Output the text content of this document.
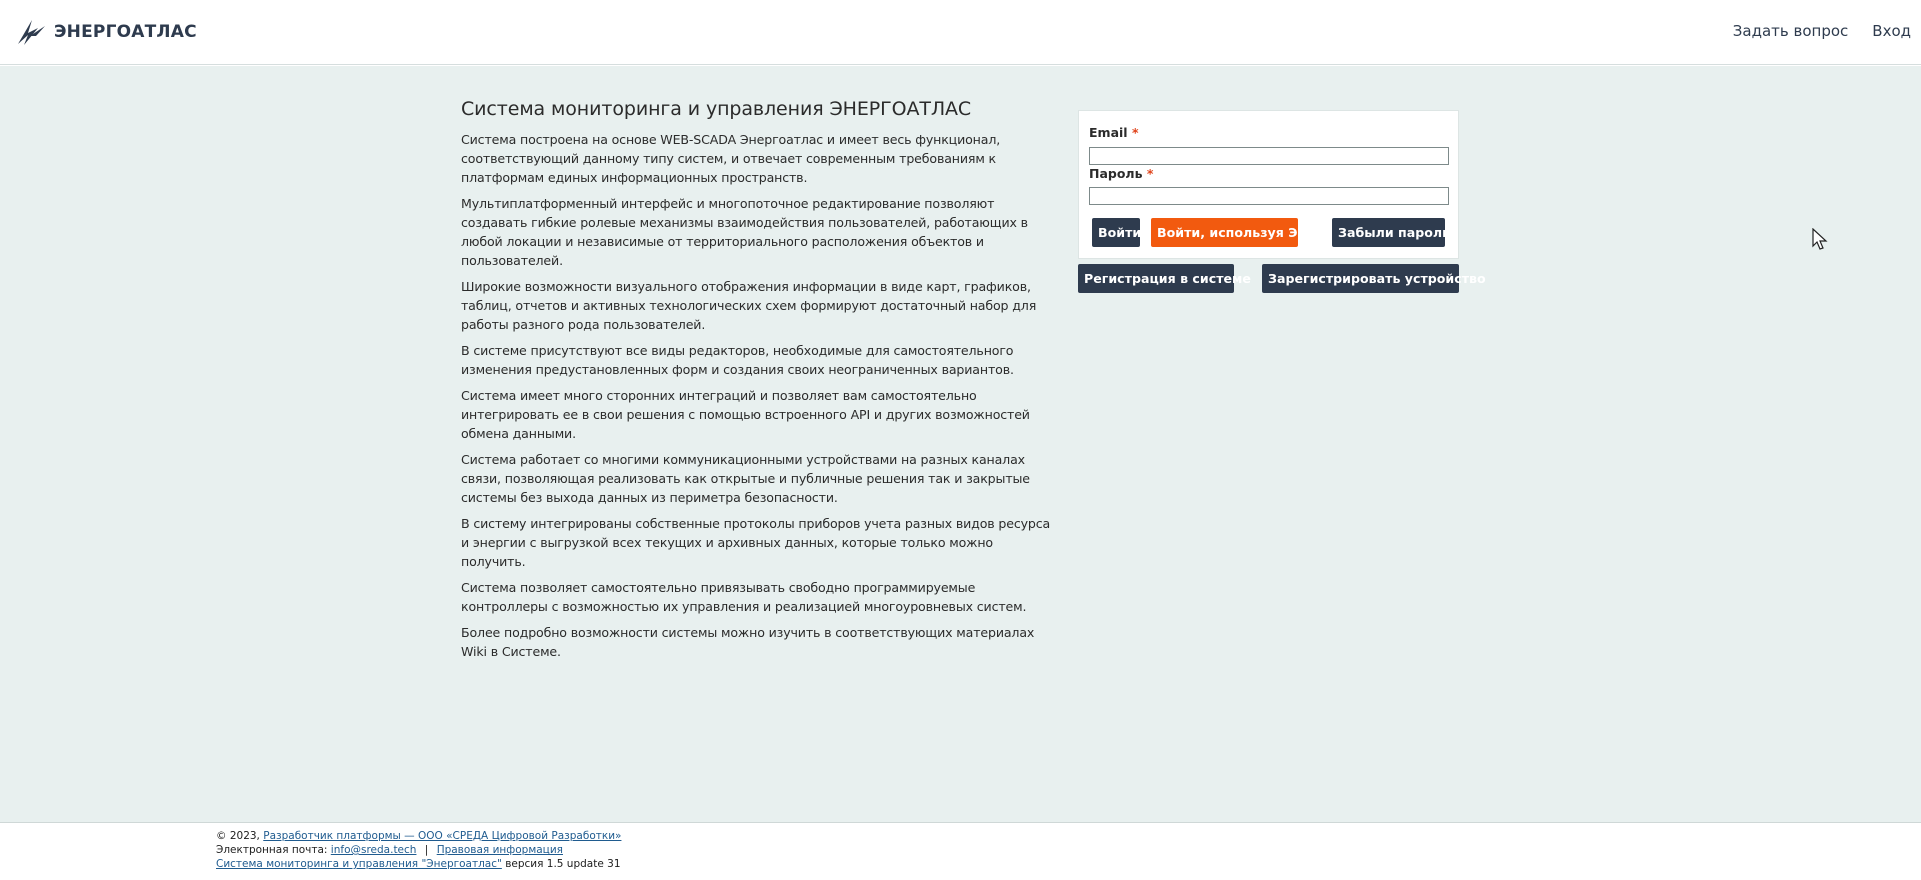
ЭНЕРГОАТЛАС	Задать вопрос Вход
Система мониторинга и управления ЭНЕРГОАТЛАС

Система построена на основе WEB-SCADA Энергоатлас и имеет весь функционал, соответствующий данному типу систем, и отвечает современным требованиям к платформам единых информационных пространств.

Мультиплатформенный интерфейс и многопоточное редактирование позволяют создавать гибкие ролевые механизмы взаимодействия пользователей, работающих в любой локации и независимые от территориального расположения объектов и пользователей.

Широкие возможности визуального отображения информации в виде карт, графиков, таблиц, отчетов и активных технологических схем формируют достаточный набор для работы разного рода пользователей.

В системе присутствуют все виды редакторов, необходимые для самостоятельного изменения предустановленных форм и создания своих неограниченных вариантов.

Система имеет много сторонних интеграций и позволяет вам самостоятельно интегрировать ее в свои решения с помощью встроенного API и других возможностей обмена данными.

Система работает со многими коммуникационными устройствами на разных каналах связи, позволяющая реализовать как открытые и публичные решения так и закрытые системы без выхода данных из периметра безопасности.

В систему интегрированы собственные протоколы приборов учета разных видов ресурса и энергии с выгрузкой всех текущих и архивных данных, которые только можно получить.

Система позволяет самостоятельно привязывать свободно программируемые контроллеры с возможностью их управления и реализацией многоуровневых систем.

Более подробно возможности системы можно изучить в соответствующих материалах Wiki в Системе.

Email *
Пароль *
Войти	Войти, используя ЭЦП	Забыли пароль?
Регистрация в системе	Зарегистрировать устройство
© 2023, Разработчик платформы — ООО «СРЕДА Цифровой Разработки»
Электронная почта: info@sreda.tech | Правовая информация
Система мониторинга и управления "Энергоатлас" версия 1.5 update 31
